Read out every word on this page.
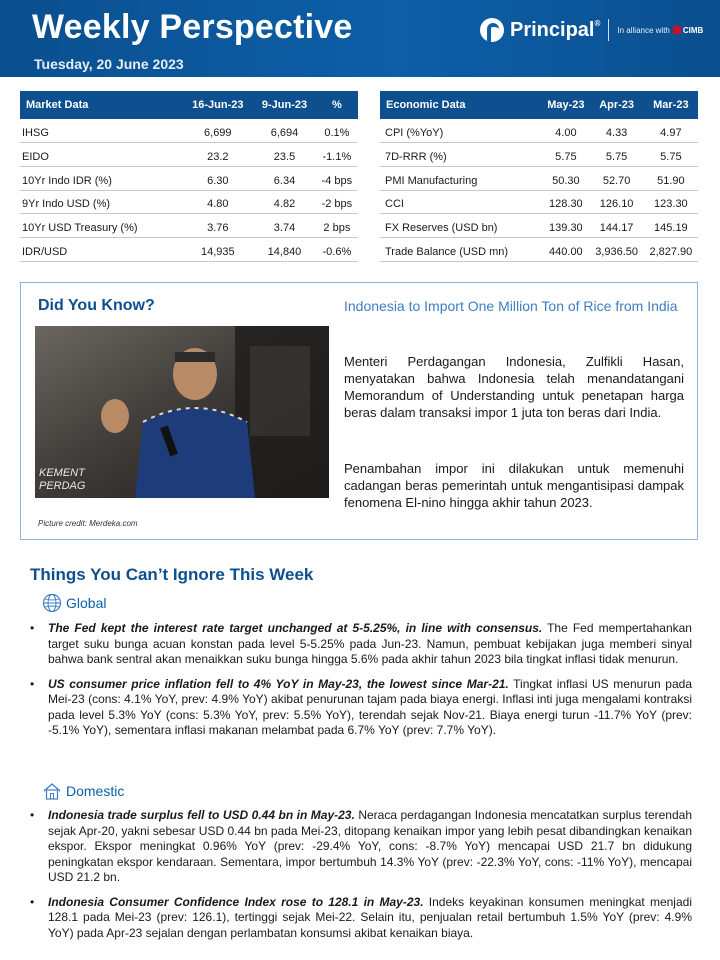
Weekly Perspective
Tuesday, 20 June 2023
Principal®
In alliance with CIMB
Market Data	16-Jun-23	9-Jun-23	%
IHSG	6,699	6,694	0.1%
EIDO	23.2	23.5	-1.1%
10Yr Indo IDR (%)	6.30	6.34	-4 bps
9Yr Indo USD (%)	4.80	4.82	-2 bps
10Yr USD Treasury (%)	3.76	3.74	2 bps
IDR/USD	14,935	14,840	-0.6%
Economic Data	May-23	Apr-23	Mar-23
CPI (%YoY)	4.00	4.33	4.97
7D-RRR (%)	5.75	5.75	5.75
PMI Manufacturing	50.30	52.70	51.90
CCI	128.30	126.10	123.30
FX Reserves (USD bn)	139.30	144.17	145.19
Trade Balance (USD mn)	440.00	3,936.50	2,827.90
Did You Know?
KEMENT
PERDAG
Picture credit: Merdeka.com
Indonesia to Import One Million Ton of Rice from India
Menteri Perdagangan Indonesia, Zulfikli Hasan, menyatakan bahwa Indonesia telah menandatangani Memorandum of Understanding untuk penetapan harga beras dalam transaksi impor 1 juta ton beras dari India.
Penambahan impor ini dilakukan untuk memenuhi cadangan beras pemerintah untuk mengantisipasi dampak fenomena El-nino hingga akhir tahun 2023.
Things You Can’t Ignore This Week
Global
• The Fed kept the interest rate target unchanged at 5-5.25%, in line with consensus. The Fed mempertahankan target suku bunga acuan konstan pada level 5-5.25% pada Jun-23. Namun, pembuat kebijakan juga memberi sinyal bahwa bank sentral akan menaikkan suku bunga hingga 5.6% pada akhir tahun 2023 bila tingkat inflasi tidak menurun.
• US consumer price inflation fell to 4% YoY in May-23, the lowest since Mar-21. Tingkat inflasi US menurun pada Mei-23 (cons: 4.1% YoY, prev: 4.9% YoY) akibat penurunan tajam pada biaya energi. Inflasi inti juga mengalami kontraksi pada level 5.3% YoY (cons: 5.3% YoY, prev: 5.5% YoY), terendah sejak Nov-21. Biaya energi turun -11.7% YoY (prev: -5.1% YoY), sementara inflasi makanan melambat pada 6.7% YoY (prev: 7.7% YoY).
Domestic
• Indonesia trade surplus fell to USD 0.44 bn in May-23. Neraca perdagangan Indonesia mencatatkan surplus terendah sejak Apr-20, yakni sebesar USD 0.44 bn pada Mei-23, ditopang kenaikan impor yang lebih pesat dibandingkan kenaikan ekspor. Ekspor meningkat 0.96% YoY (prev: -29.4% YoY, cons: -8.7% YoY) mencapai USD 21.7 bn didukung peningkatan ekspor kendaraan. Sementara, impor bertumbuh 14.3% YoY (prev: -22.3% YoY, cons: -11% YoY), mencapai USD 21.2 bn.
• Indonesia Consumer Confidence Index rose to 128.1 in May-23. Indeks keyakinan konsumen meningkat menjadi 128.1 pada Mei-23 (prev: 126.1), tertinggi sejak Mei-22. Selain itu, penjualan retail bertumbuh 1.5% YoY (prev: 4.9% YoY) pada Apr-23 sejalan dengan perlambatan konsumsi akibat kenaikan biaya.
